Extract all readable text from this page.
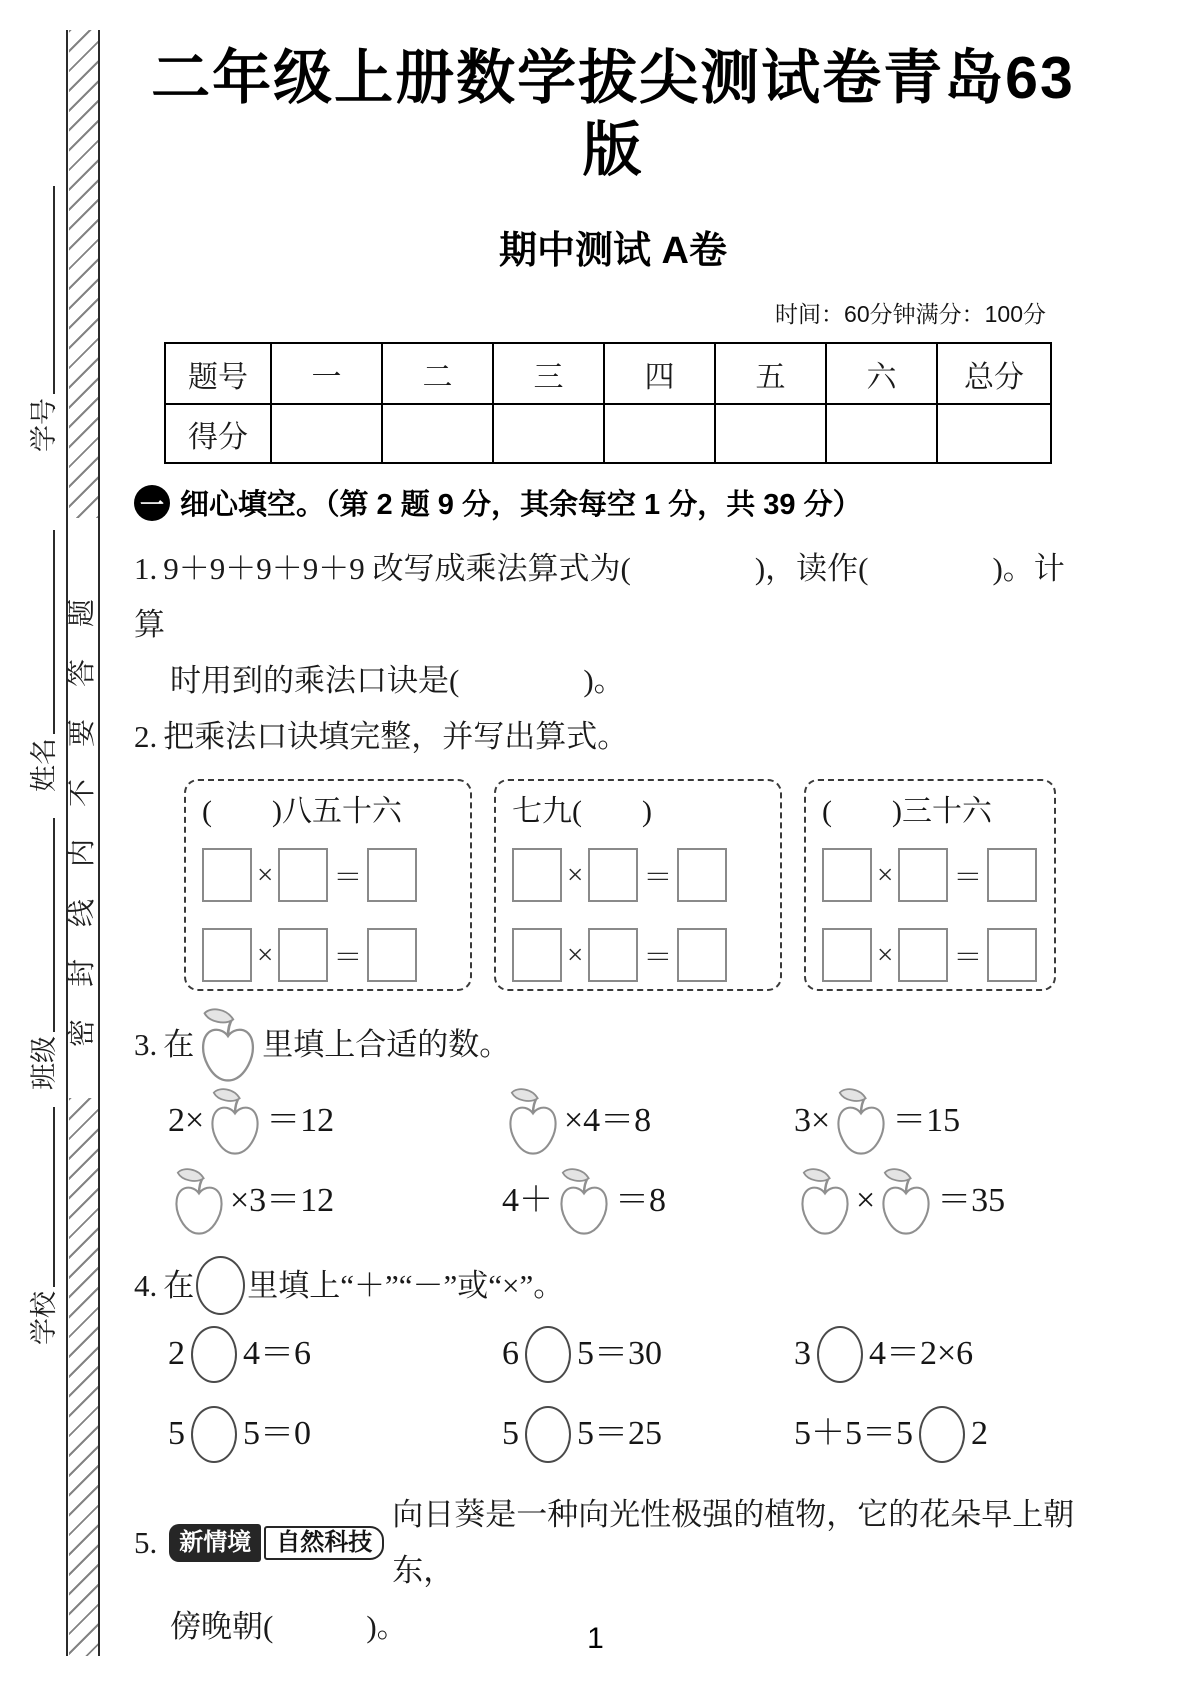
密封线内不要答题
学号
姓名
班级
学校
二年级上册数学拔尖测试卷青岛63版
期中测试 A卷
时间：60分钟满分：100分
题号	一	二	三	四	五	六	总分
得分							
一 细心填空。（第 2 题 9 分，其余每空 1 分，共 39 分）
1. 9＋9＋9＋9＋9 改写成乘法算式为(　　　　)，读作(　　　　)。计算
时用到的乘法口诀是(　　　　)。
2. 把乘法口诀填完整，并写出算式。
(　　)八五十六
× ＝
× ＝
七九(　　)
× ＝
× ＝
(　　)三十六
× ＝
× ＝
3. 在 里填上合适的数。
2× ＝12	×4＝8	3× ＝15
×3＝12	4＋ ＝8	× ＝35
4. 在 里填上“＋”“－”或“×”。
2 4＝6	6 5＝30	3 4＝2×6
5 5＝0	5 5＝25	5＋5＝5 2
5. 新情境	自然科技
向日葵是一种向光性极强的植物，它的花朵早上朝东，
傍晚朝(　　　)。	1
